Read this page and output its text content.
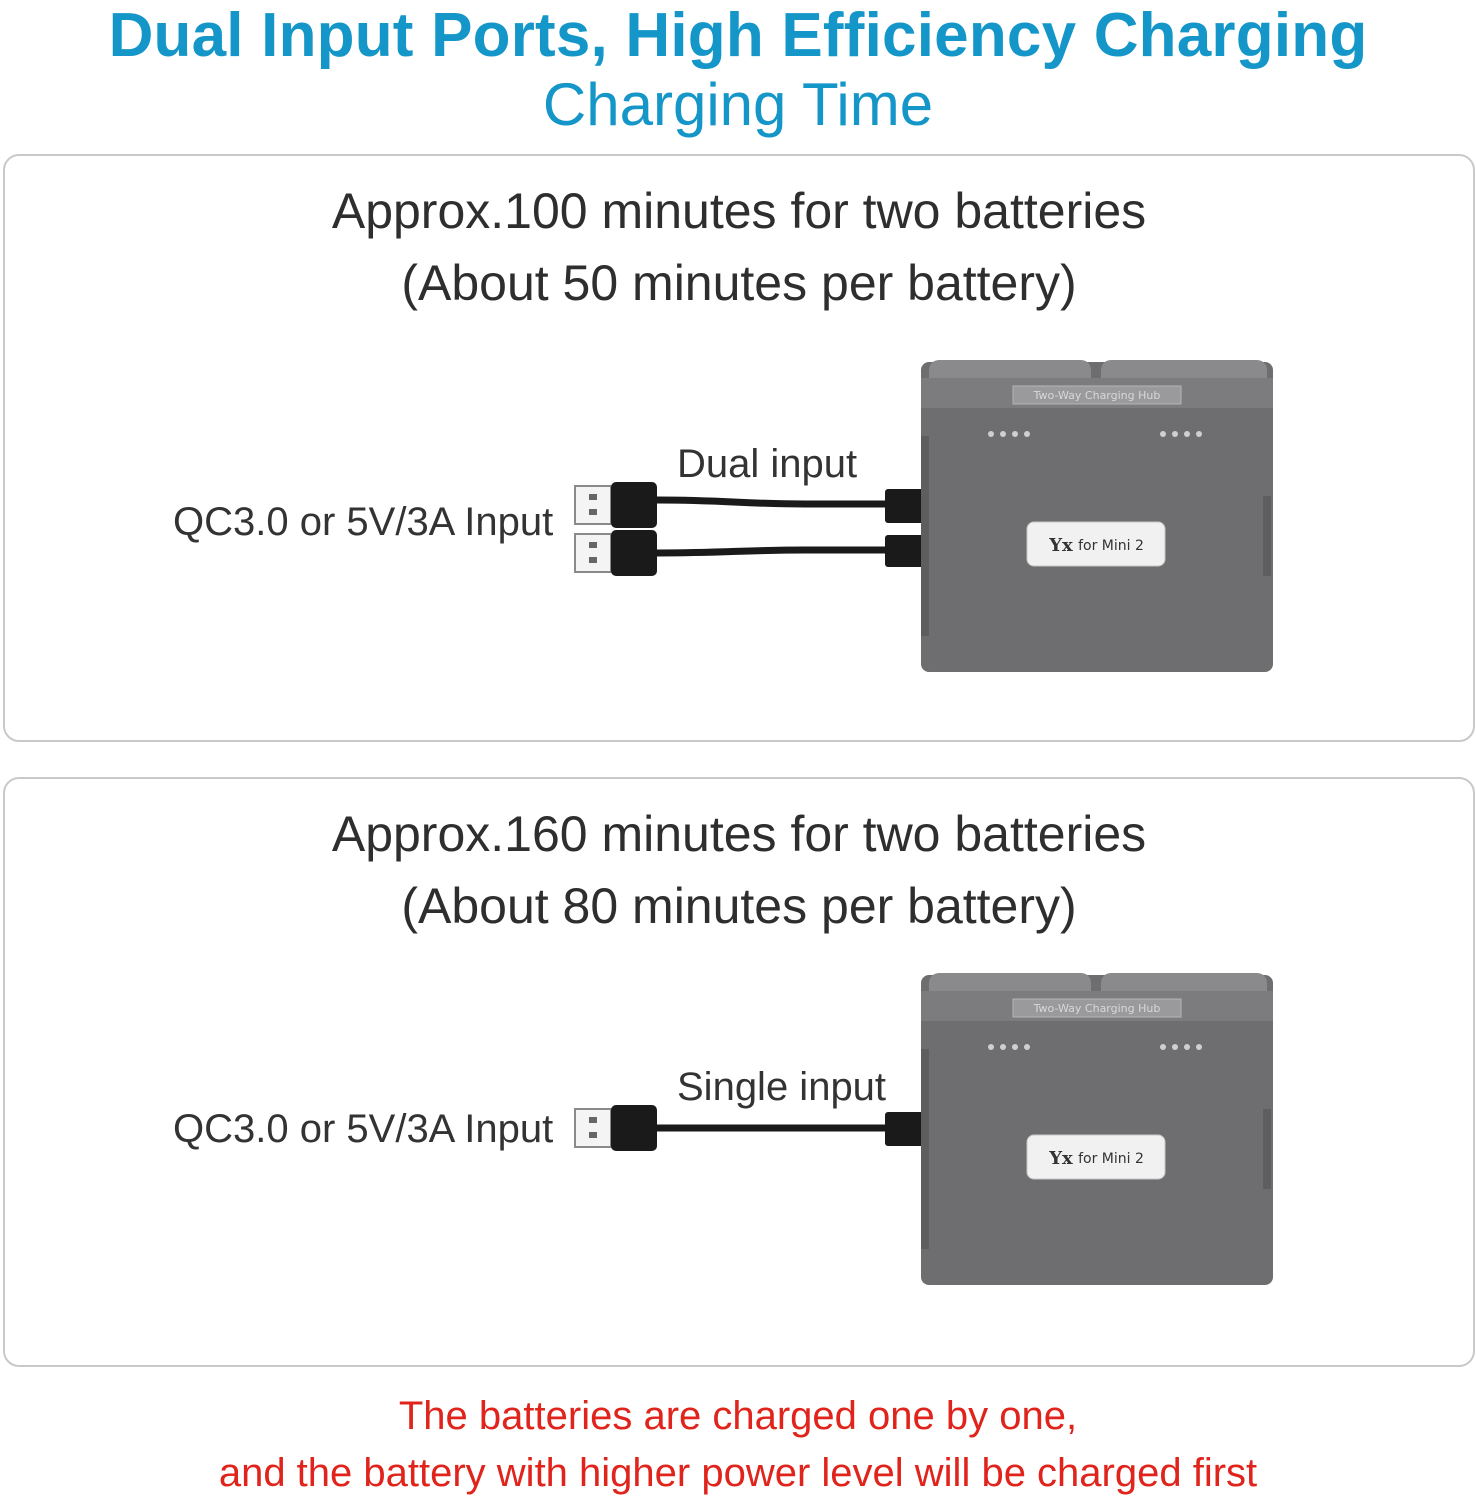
Dual Input Ports, High Efficiency Charging
Charging Time
Approx.100 minutes for two batteries
(About 50 minutes per battery)
QC3.0 or 5V/3A Input
Dual input
Two-Way Charging Hub
Yx for Mini 2
Approx.160 minutes for two batteries
(About 80 minutes per battery)
QC3.0 or 5V/3A Input
Single input
Two-Way Charging Hub
Yx for Mini 2
The batteries are charged one by one,
and the battery with higher power level will be charged first
